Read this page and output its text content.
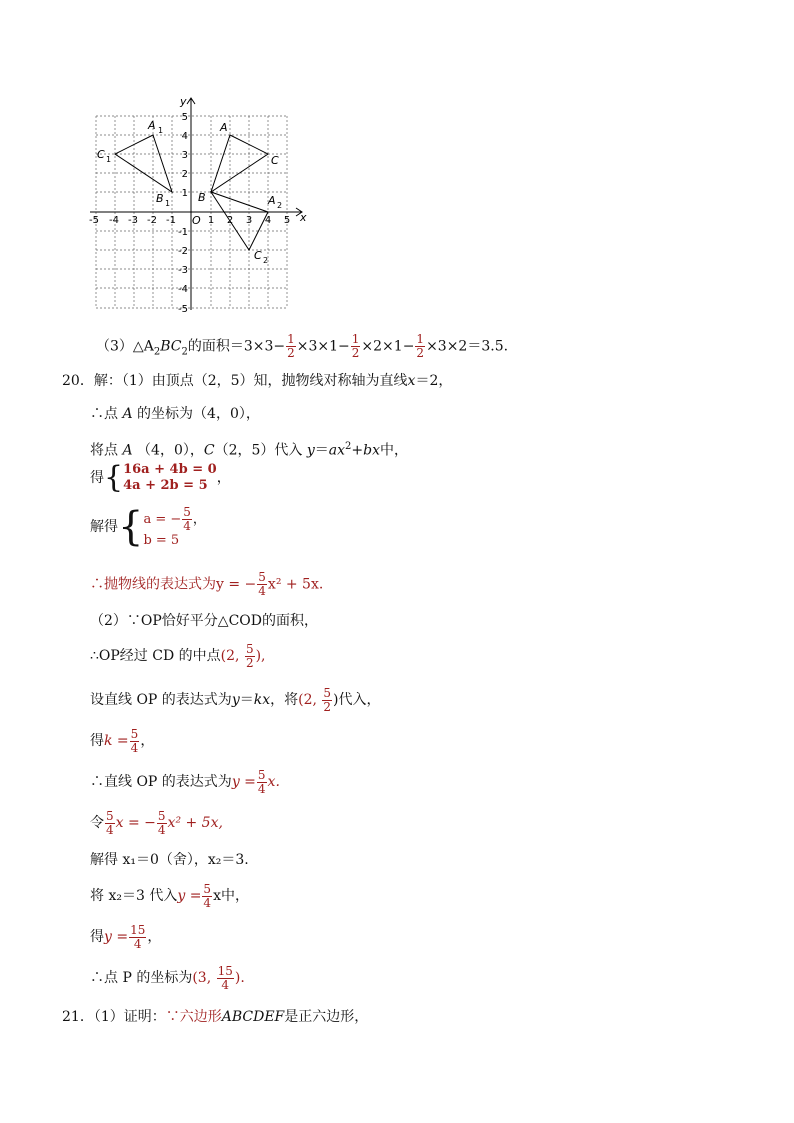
x
y
O
-5 -4 -3 -2 -1	1 2 3 4 5
5
4
3
2
1
-1
-2
-3
-4
-5
A
B
C
A 1
B 1
C 1
A 2
C 2
$(3)\triangle A_2BC_2$的面积$=3\times 3- \frac{1}{2} \times 3\times 1- \frac{1}{2} \times 2\times 1- \frac{1}{2} \times 3\times 2=3.5$.
20．解：（1）由顶点（2，5）知，抛物线对称轴为直线x＝2，
∴点 A 的坐标为（4，0），
将点 A （4，0），C（2，5）代入 $y=ax^2+bx$中，
得{ 16a + 4b = 0
4a + 2b = 5 ，
解得{ a = − $\frac{5}{4}$ ，
b = 5
∴抛物线的表达式为y = − $\frac{5}{4} x^2 + 5x$.
（2）∵OP恰好平分△COD的面积，
∴OP经过 CD 的中点(2, $\frac{5}{2}$ ),
设直线 OP 的表达式为y＝kx，将(2, $\frac{5}{2}$ )代入，
得$k = \frac{5}{4}$ ，
∴直线 OP 的表达式为$y = \frac{5}{4} x$.
令 $\frac{5}{4}$ x = − $\frac{5}{4} x^2 + 5x$,
解得 x₁＝0（舍），x₂＝3.
将 x₂＝3 代入$y = \frac{5}{4}$ x中，
得$y = \frac{15}{4}$ ，
∴点 P 的坐标为(3, $\frac{15}{4}$ ).
21．（1）证明：∵六边形ABCDEF是正六边形，
